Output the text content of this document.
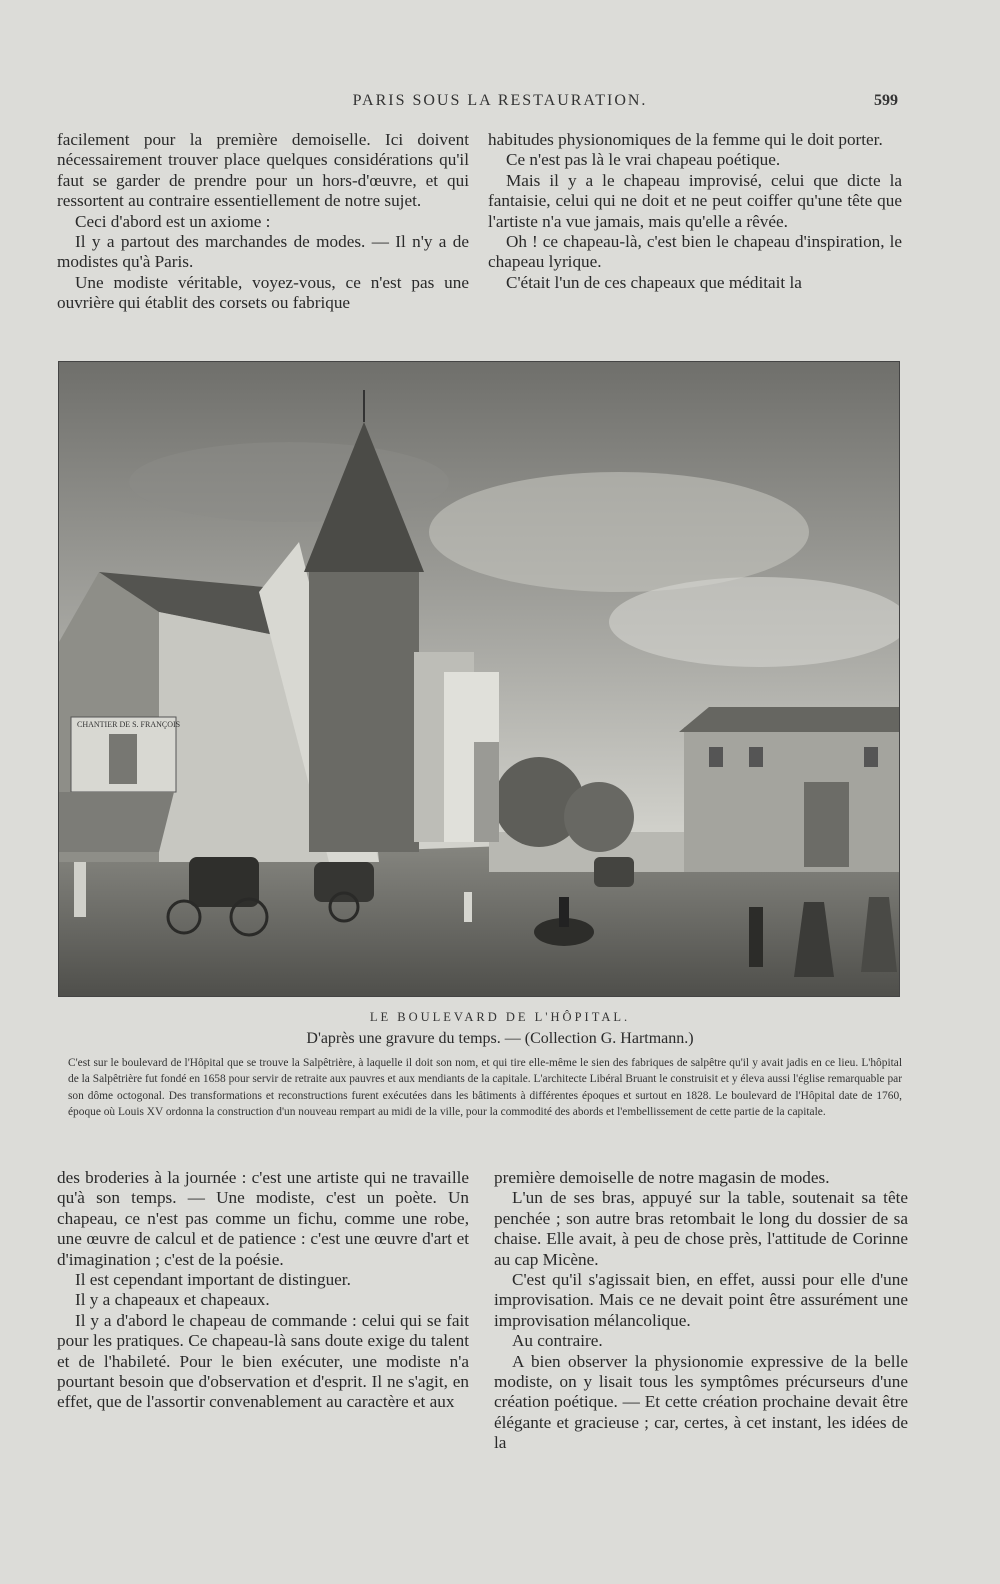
PARIS SOUS LA RESTAURATION.	599

facilement pour la première demoiselle. Ici doivent nécessairement trouver place quelques considérations qu'il faut se garder de prendre pour un hors-d'œuvre, et qui ressortent au contraire essentiellement de notre sujet.

Ceci d'abord est un axiome :

Il y a partout des marchandes de modes. — Il n'y a de modistes qu'à Paris.

Une modiste véritable, voyez-vous, ce n'est pas une ouvrière qui établit des corsets ou fabrique

habitudes physionomiques de la femme qui le doit porter.

Ce n'est pas là le vrai chapeau poétique.

Mais il y a le chapeau improvisé, celui que dicte la fantaisie, celui qui ne doit et ne peut coiffer qu'une tête que l'artiste n'a vue jamais, mais qu'elle a rêvée.

Oh ! ce chapeau-là, c'est bien le chapeau d'inspiration, le chapeau lyrique.

C'était l'un de ces chapeaux que méditait la

CHANTIER DE S. FRANÇOIS
LE BOULEVARD DE L'HÔPITAL.
D'après une gravure du temps. — (Collection G. Hartmann.)
C'est sur le boulevard de l'Hôpital que se trouve la Salpêtrière, à laquelle il doit son nom, et qui tire elle-même le sien des fabriques de salpêtre qu'il y avait jadis en ce lieu. L'hôpital de la Salpêtrière fut fondé en 1658 pour servir de retraite aux pauvres et aux mendiants de la capitale. L'architecte Libéral Bruant le construisit et y éleva aussi l'église remarquable par son dôme octogonal. Des transformations et reconstructions furent exécutées dans les bâtiments à différentes époques et surtout en 1828. Le boulevard de l'Hôpital date de 1760, époque où Louis XV ordonna la construction d'un nouveau rempart au midi de la ville, pour la commodité des abords et l'embellissement de cette partie de la capitale.

des broderies à la journée : c'est une artiste qui ne travaille qu'à son temps. — Une modiste, c'est un poète. Un chapeau, ce n'est pas comme un fichu, comme une robe, une œuvre de calcul et de patience : c'est une œuvre d'art et d'imagination ; c'est de la poésie.

Il est cependant important de distinguer.

Il y a chapeaux et chapeaux.

Il y a d'abord le chapeau de commande : celui qui se fait pour les pratiques. Ce chapeau-là sans doute exige du talent et de l'habileté. Pour le bien exécuter, une modiste n'a pourtant besoin que d'observation et d'esprit. Il ne s'agit, en effet, que de l'assortir convenablement au caractère et aux

première demoiselle de notre magasin de modes.

L'un de ses bras, appuyé sur la table, soutenait sa tête penchée ; son autre bras retombait le long du dossier de sa chaise. Elle avait, à peu de chose près, l'attitude de Corinne au cap Micène.

C'est qu'il s'agissait bien, en effet, aussi pour elle d'une improvisation. Mais ce ne devait point être assurément une improvisation mélancolique.

Au contraire.

A bien observer la physionomie expressive de la belle modiste, on y lisait tous les symptômes précurseurs d'une création poétique. — Et cette création prochaine devait être élégante et gracieuse ; car, certes, à cet instant, les idées de la
